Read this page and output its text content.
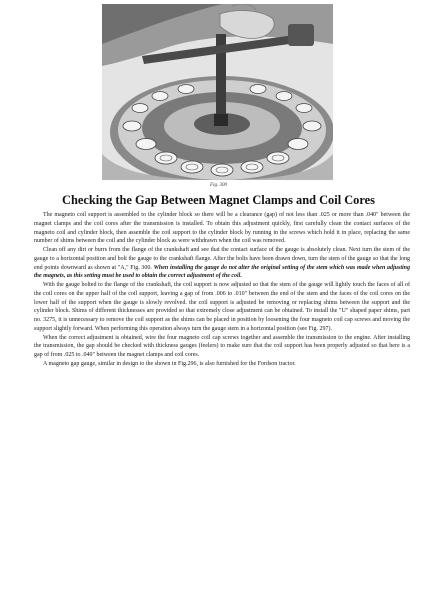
Fig. 300
Checking the Gap Between Magnet Clamps and Coil Cores

The magneto coil support is assembled to the cylinder block so there will be a clearance (gap) of not less than .025 or more than .040" between the magnet clamps and the coil cores after the transmission is installed. To obtain this adjustment quickly, first carefully clean the contact surfaces of the magneto coil and cylinder block, then assemble the coil support to the cylinder block by running in the screws which hold it in place, replacing the same number of shims between the coil and the cylinder block as were withdrawn when the coil was removed.

Clean off any dirt or burrs from the flange of the crankshaft and see that the contact surface of the gauge is absolutely clean. Next turn the stem of the gauge to a horizontal position and bolt the gauge to the crankshaft flange. After the bolts have been drawn down, turn the stem of the gauge so that the long end points downward as shown at "A," Fig. 300. When installing the gauge do not alter the original setting of the stem which was made when adjusting the magnets, as this setting must be used to obtain the correct adjustment of the coil.

With the gauge bolted to the flange of the crankshaft, the coil support is now adjusted so that the stem of the gauge will lightly touch the faces of all of the coil cores on the upper half of the coil support, leaving a gap of from .006 to .010" between the end of the stem and the faces of the coil cores on the lower half of the support when the gauge is slowly revolved. the coil support is adjusted be removing or replacing shims between the support and the cylinder block. Shims of different thicknesses are provided so that extremely close adjustment can be obtained. To install the "U" shaped paper shims, part no. 3275, it is unnecessary to remove the coil support as the shims can be placed in position by loosening the four magneto coil cap screws and moving the support slightly forward. When performing this operation always turn the gauge stem in a horizontal position (see Fig. 297).

When the correct adjustment is obtained, wire the four magneto coil cap screws together and assemble the transmission to the engine. After installing the transmission, the gap should be checked with thickness gauges (feelers) to make sure that the coil support has been properly adjusted so that here is a gap of from .025 to .040" between the magnet clamps and coil cores.

A magneto gap gauge, similar in design to the shown in Fig.296, is also furnished for the Fordson tractor.
